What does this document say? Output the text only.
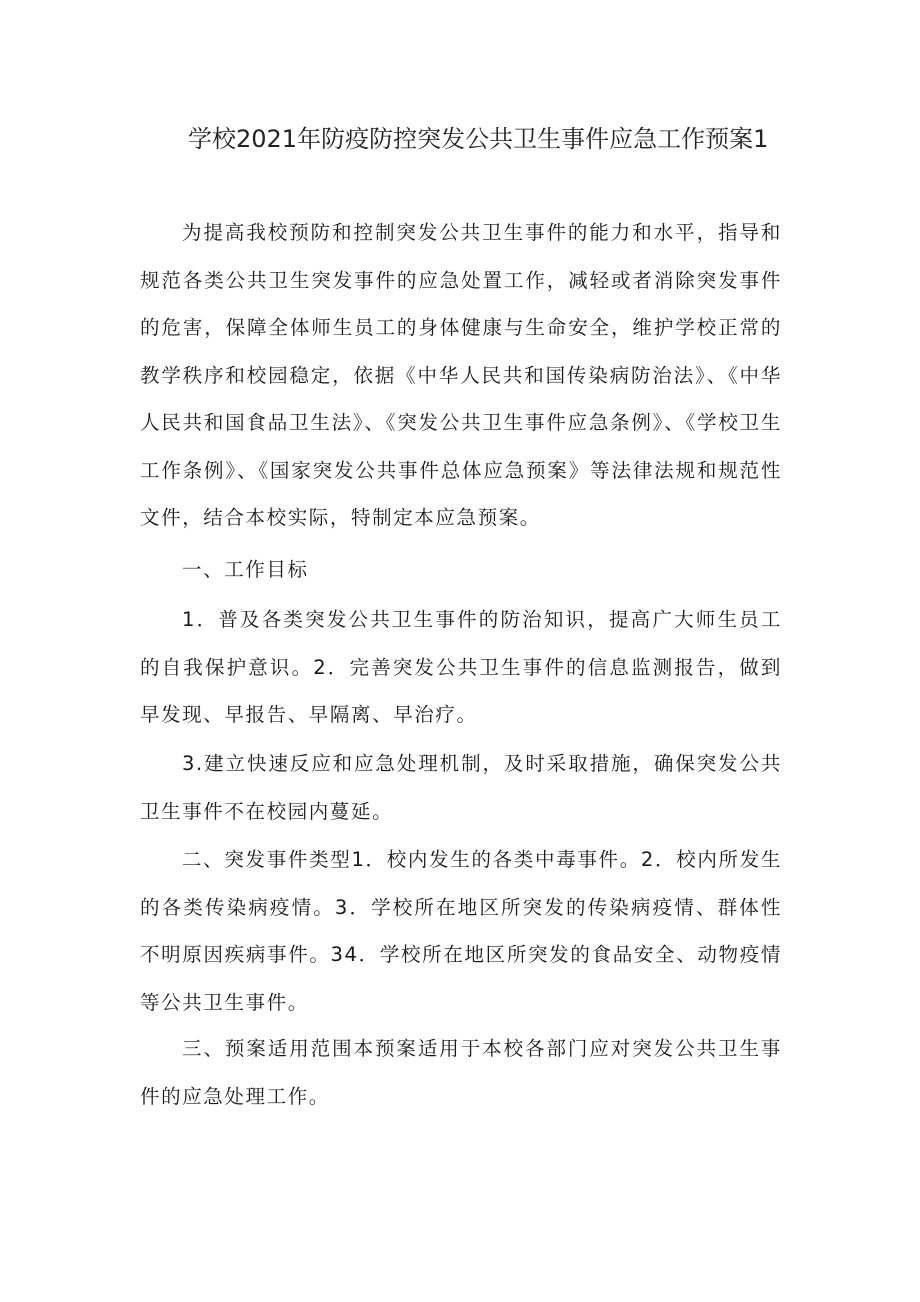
学校2021年防疫防控突发公共卫生事件应急工作预案1

为提高我校预防和控制突发公共卫生事件的能力和水平，指导和规范各类公共卫生突发事件的应急处置工作，减轻或者消除突发事件的危害，保障全体师生员工的身体健康与生命安全，维护学校正常的教学秩序和校园稳定，依据《中华人民共和国传染病防治法》、《中华人民共和国食品卫生法》、《突发公共卫生事件应急条例》、《学校卫生工作条例》、《国家突发公共事件总体应急预案》等法律法规和规范性文件，结合本校实际，特制定本应急预案。

一、工作目标

1．普及各类突发公共卫生事件的防治知识，提高广大师生员工的自我保护意识。2．完善突发公共卫生事件的信息监测报告，做到早发现、早报告、早隔离、早治疗。

3.建立快速反应和应急处理机制，及时采取措施，确保突发公共卫生事件不在校园内蔓延。

二、突发事件类型1．校内发生的各类中毒事件。2．校内所发生的各类传染病疫情。3．学校所在地区所突发的传染病疫情、群体性不明原因疾病事件。34．学校所在地区所突发的食品安全、动物疫情等公共卫生事件。

三、预案适用范围本预案适用于本校各部门应对突发公共卫生事件的应急处理工作。
